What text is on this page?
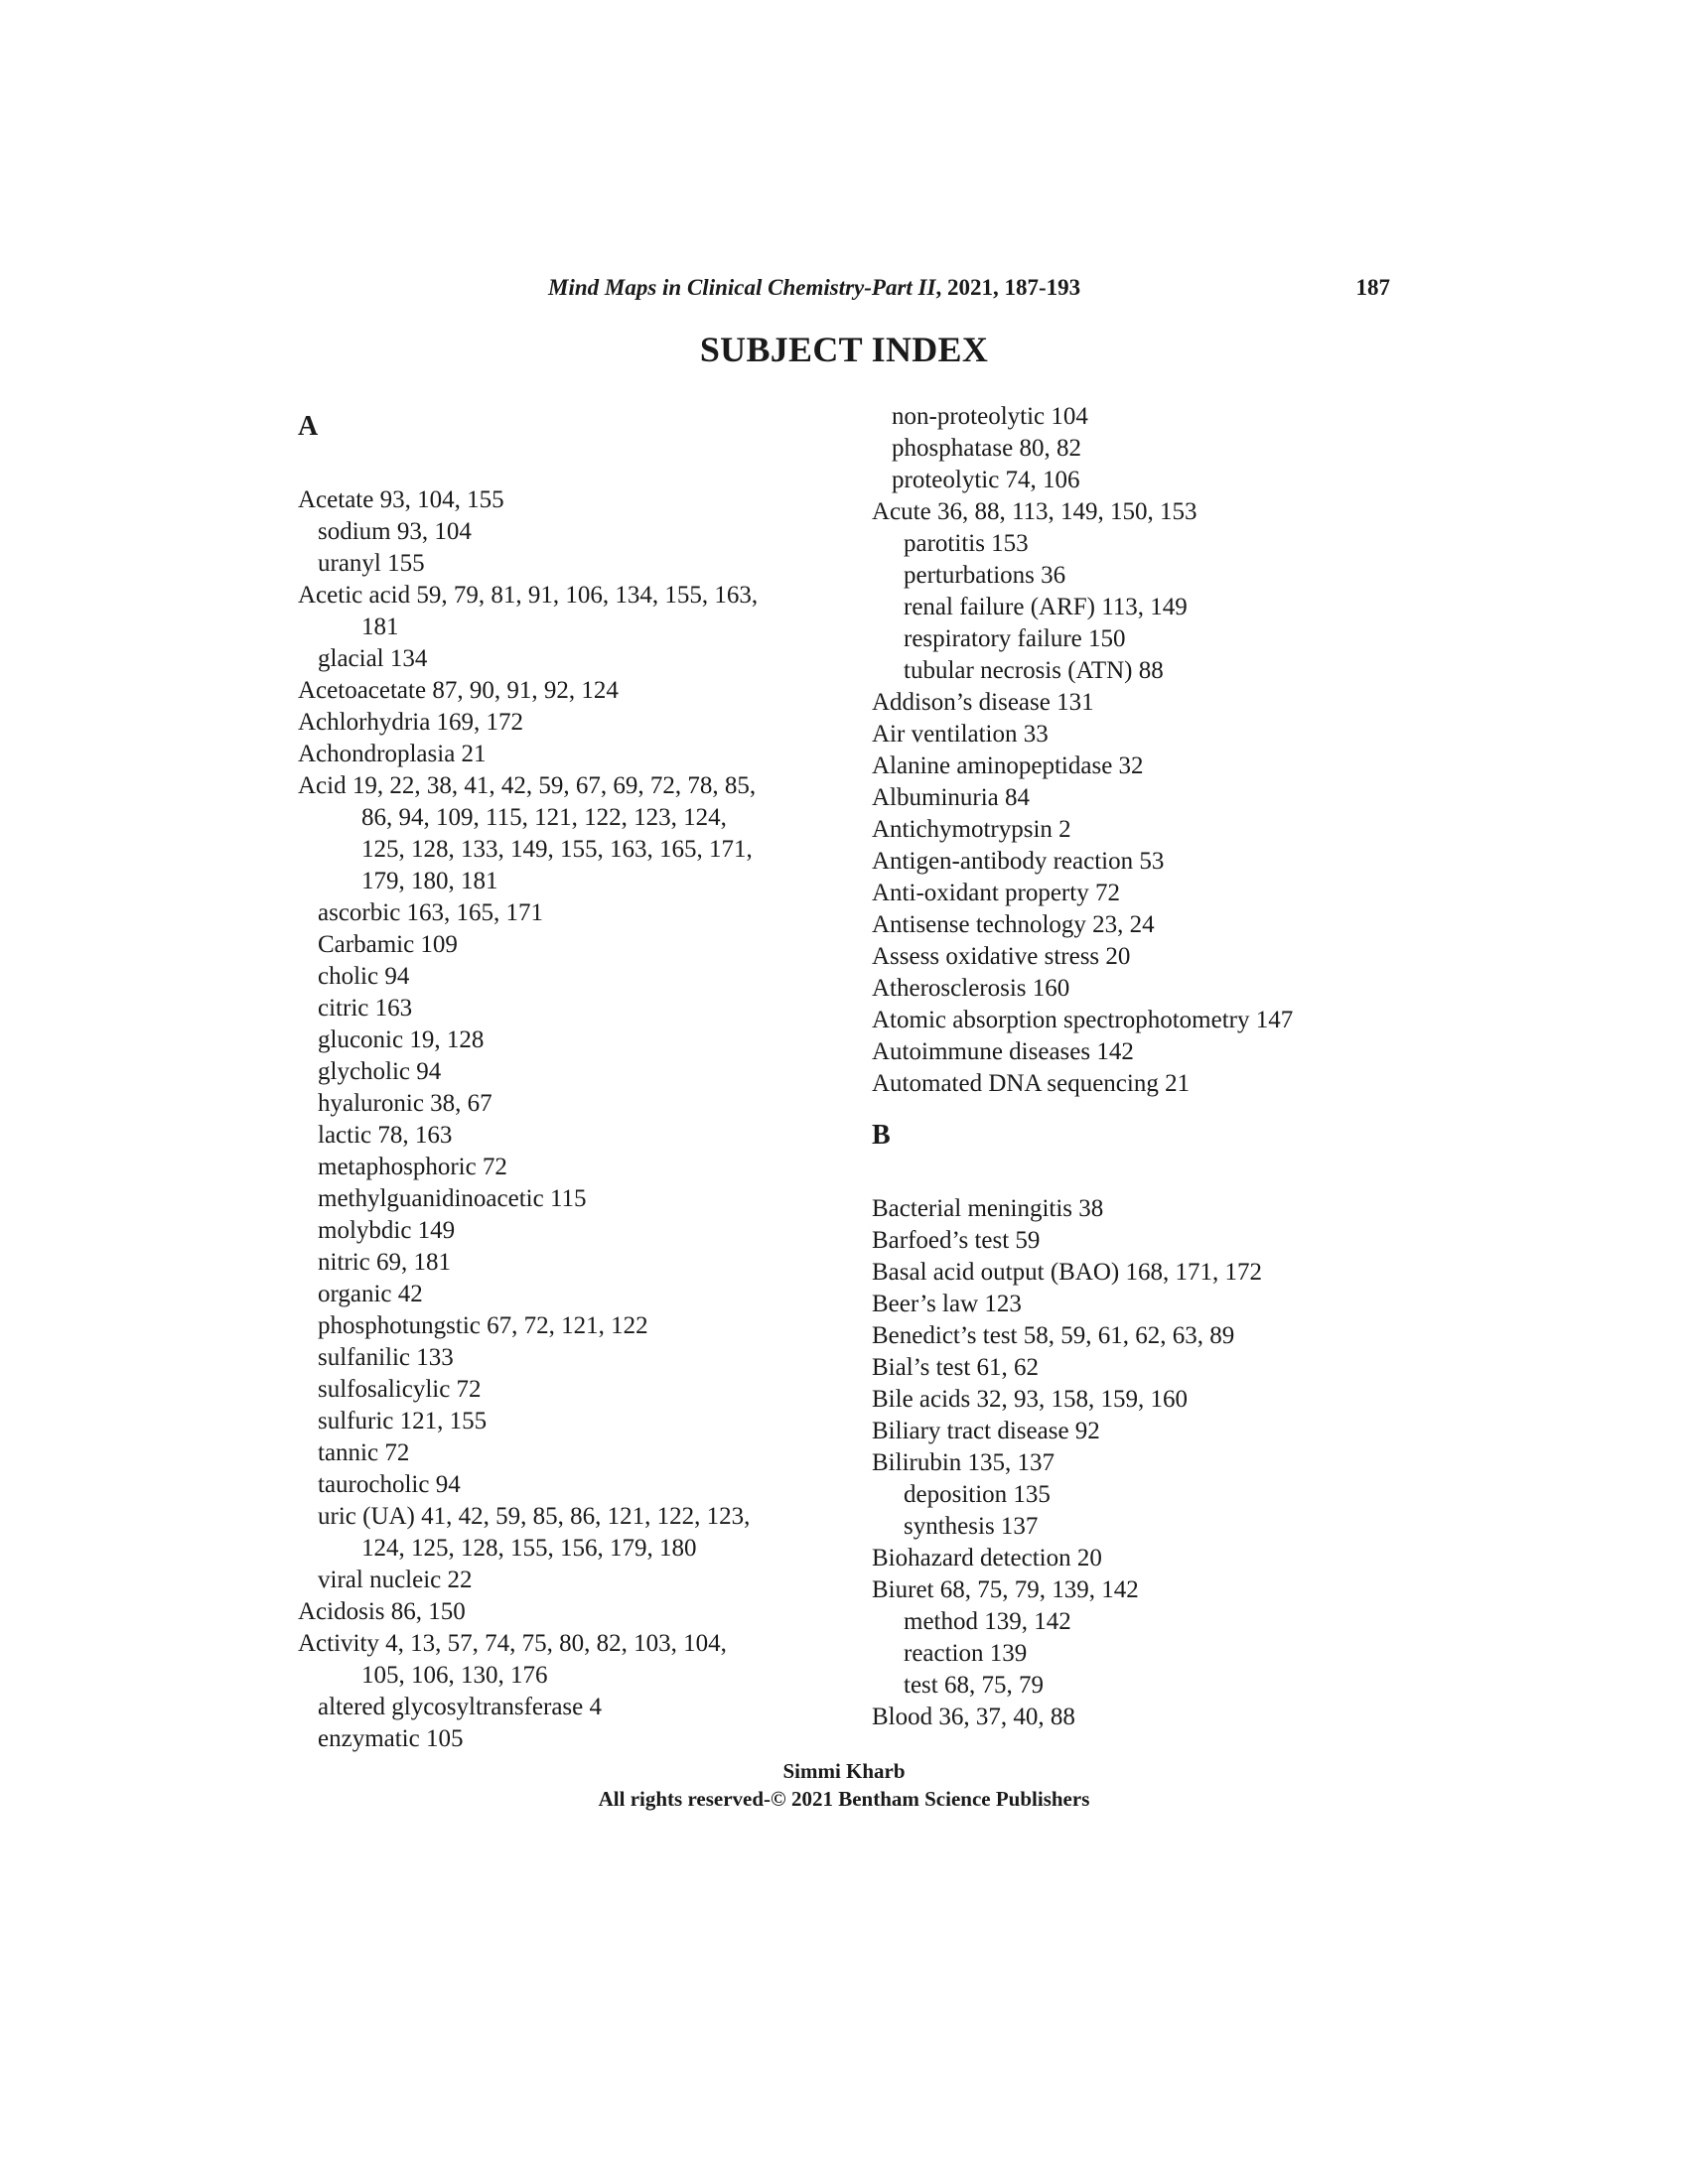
Mind Maps in Clinical Chemistry-Part II, 2021, 187-193	187
SUBJECT INDEX
A
Acetate 93, 104, 155
sodium 93, 104
uranyl 155
Acetic acid 59, 79, 81, 91, 106, 134, 155, 163,
181
glacial 134
Acetoacetate 87, 90, 91, 92, 124
Achlorhydria 169, 172
Achondroplasia 21
Acid 19, 22, 38, 41, 42, 59, 67, 69, 72, 78, 85,
86, 94, 109, 115, 121, 122, 123, 124,
125, 128, 133, 149, 155, 163, 165, 171,
179, 180, 181
ascorbic 163, 165, 171
Carbamic 109
cholic 94
citric 163
gluconic 19, 128
glycholic 94
hyaluronic 38, 67
lactic 78, 163
metaphosphoric 72
methylguanidinoacetic 115
molybdic 149
nitric 69, 181
organic 42
phosphotungstic 67, 72, 121, 122
sulfanilic 133
sulfosalicylic 72
sulfuric 121, 155
tannic 72
taurocholic 94
uric (UA) 41, 42, 59, 85, 86, 121, 122, 123,
124, 125, 128, 155, 156, 179, 180
viral nucleic 22
Acidosis 86, 150
Activity 4, 13, 57, 74, 75, 80, 82, 103, 104,
105, 106, 130, 176
altered glycosyltransferase 4
enzymatic 105
non-proteolytic 104
phosphatase 80, 82
proteolytic 74, 106
Acute 36, 88, 113, 149, 150, 153
parotitis 153
perturbations 36
renal failure (ARF) 113, 149
respiratory failure 150
tubular necrosis (ATN) 88
Addison’s disease 131
Air ventilation 33
Alanine aminopeptidase 32
Albuminuria 84
Antichymotrypsin 2
Antigen-antibody reaction 53
Anti-oxidant property 72
Antisense technology 23, 24
Assess oxidative stress 20
Atherosclerosis 160
Atomic absorption spectrophotometry 147
Autoimmune diseases 142
Automated DNA sequencing 21
B
Bacterial meningitis 38
Barfoed’s test 59
Basal acid output (BAO) 168, 171, 172
Beer’s law 123
Benedict’s test 58, 59, 61, 62, 63, 89
Bial’s test 61, 62
Bile acids 32, 93, 158, 159, 160
Biliary tract disease 92
Bilirubin 135, 137
deposition 135
synthesis 137
Biohazard detection 20
Biuret 68, 75, 79, 139, 142
method 139, 142
reaction 139
test 68, 75, 79
Blood 36, 37, 40, 88
Simmi Kharb
All rights reserved-© 2021 Bentham Science Publishers
